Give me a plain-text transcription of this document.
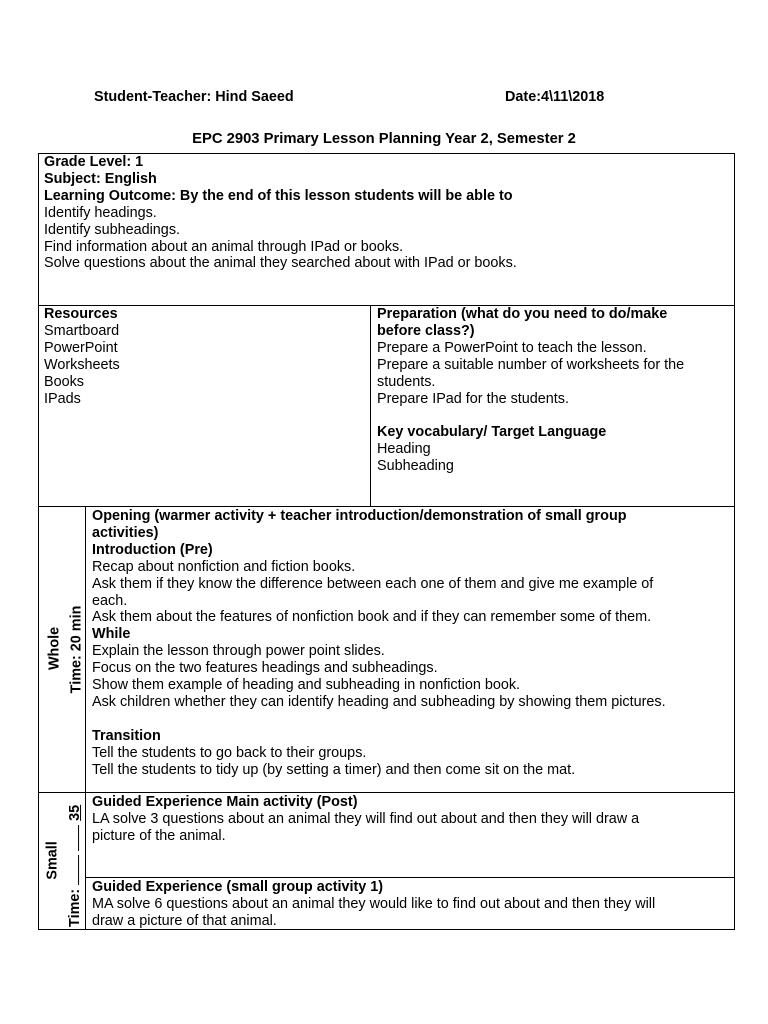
Student-Teacher: Hind Saeed	Date:4\11\2018
EPC 2903 Primary Lesson Planning Year 2, Semester 2
Grade Level: 1
Subject: English
Learning Outcome: By the end of this lesson students will be able to
Identify headings.
Identify subheadings.
Find information about an animal through IPad or books.
Solve questions about the animal they searched about with IPad or books.
Resources
Smartboard
PowerPoint
Worksheets
Books
IPads
Preparation (what do you need to do/make
before class?)
Prepare a PowerPoint to teach the lesson.
Prepare a suitable number of worksheets for the
students.
Prepare IPad for the students.
Key vocabulary/ Target Language
Heading
Subheading
Whole Time: 20 min
Opening (warmer activity + teacher introduction/demonstration of small group
activities)
Introduction (Pre)
Recap about nonfiction and fiction books.
Ask them if they know the difference between each one of them and give me example of
each.
Ask them about the features of nonfiction book and if they can remember some of them.
While
Explain the lesson through power point slides.
Focus on the two features headings and subheadings.
Show them example of heading and subheading in nonfiction book.
Ask children whether they can identify heading and subheading by showing them pictures.
Transition
Tell the students to go back to their groups.
Tell the students to tidy up (by setting a timer) and then come sit on the mat.
Small
Time:   35
Guided Experience Main activity (Post)
LA solve 3 questions about an animal they will find out about and then they will draw a
picture of the animal.
Guided Experience (small group activity 1)
MA solve 6 questions about an animal they would like to find out about and then they will
draw a picture of that animal.
